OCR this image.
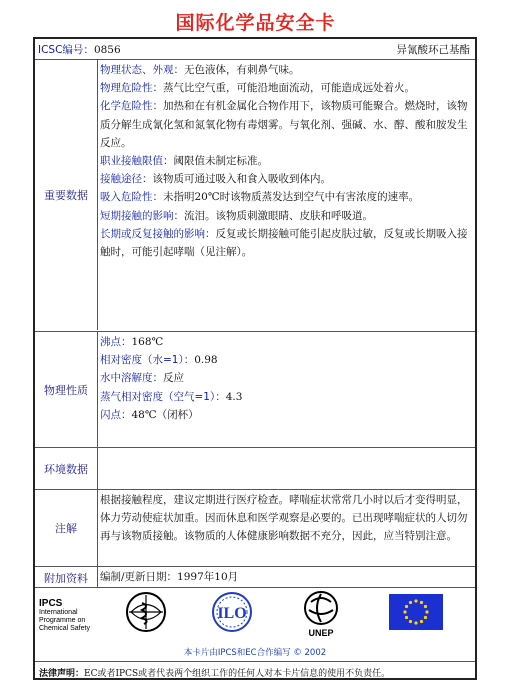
国际化学品安全卡
ICSC编号：0856	异氰酸环己基酯
重要数据
物理状态、外观：无色液体，有刺鼻气味。
物理危险性：蒸气比空气重，可能沿地面流动，可能造成远处着火。
化学危险性：加热和在有机金属化合物作用下，该物质可能聚合。燃烧时，该物质分解生成氰化氢和氮氧化物有毒烟雾。与氧化剂、强碱、水、醇、酸和胺发生反应。
职业接触限值：阈限值未制定标准。
接触途径：该物质可通过吸入和食入吸收到体内。
吸入危险性：未指明20℃时该物质蒸发达到空气中有害浓度的速率。
短期接触的影响：流泪。该物质刺激眼睛、皮肤和呼吸道。
长期或反复接触的影响：反复或长期接触可能引起皮肤过敏，反复或长期吸入接触时，可能引起哮喘（见注解）。
物理性质
沸点：168℃
相对密度（水=1）：0.98
水中溶解度：反应
蒸气相对密度（空气=1）：4.3
闪点：48℃（闭杯）
环境数据
注解
根据接触程度，建议定期进行医疗检查。哮喘症状常常几小时以后才变得明显，体力劳动使症状加重。因而休息和医学观察是必要的。已出现哮喘症状的人切勿再与该物质接触。该物质的人体健康影响数据不充分，因此，应当特别注意。
附加资料	编制/更新日期：1997年10月
IPCS
International
Programme on
Chemical Safety
ILO
UNEP
本卡片由IPCS和EC合作编写 © 2002
法律声明：EC或者IPCS或者代表两个组织工作的任何人对本卡片信息的使用不负责任。
